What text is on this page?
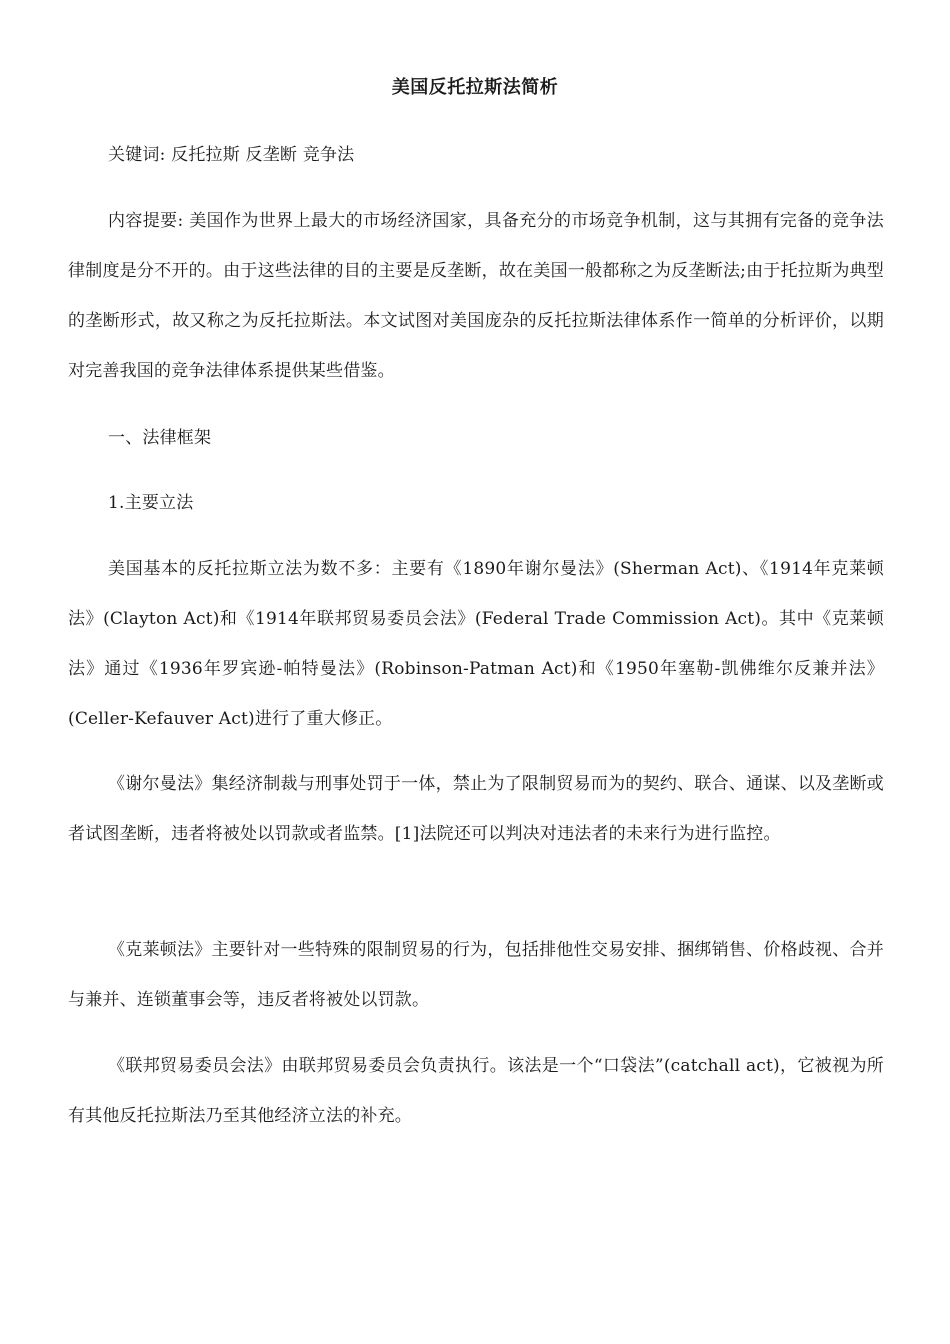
美国反托拉斯法简析
关键词: 反托拉斯 反垄断 竞争法
内容提要: 美国作为世界上最大的市场经济国家，具备充分的市场竞争机制，这与其拥有完备的竞争法律制度是分不开的。由于这些法律的目的主要是反垄断，故在美国一般都称之为反垄断法;由于托拉斯为典型的垄断形式，故又称之为反托拉斯法。本文试图对美国庞杂的反托拉斯法律体系作一简单的分析评价，以期对完善我国的竞争法律体系提供某些借鉴。
一、法律框架
1.主要立法
美国基本的反托拉斯立法为数不多：主要有《1890年谢尔曼法》(Sherman Act)、《1914年克莱顿法》(Clayton Act)和《1914年联邦贸易委员会法》(Federal Trade Commission Act)。其中《克莱顿法》通过《1936年罗宾逊-帕特曼法》(Robinson-Patman Act)和《1950年塞勒-凯佛维尔反兼并法》(Celler-Kefauver Act)进行了重大修正。
《谢尔曼法》集经济制裁与刑事处罚于一体，禁止为了限制贸易而为的契约、联合、通谋、以及垄断或者试图垄断，违者将被处以罚款或者监禁。[1]法院还可以判决对违法者的未来行为进行监控。
《克莱顿法》主要针对一些特殊的限制贸易的行为，包括排他性交易安排、捆绑销售、价格歧视、合并与兼并、连锁董事会等，违反者将被处以罚款。
《联邦贸易委员会法》由联邦贸易委员会负责执行。该法是一个“口袋法”(catchall act)，它被视为所有其他反托拉斯法乃至其他经济立法的补充。
